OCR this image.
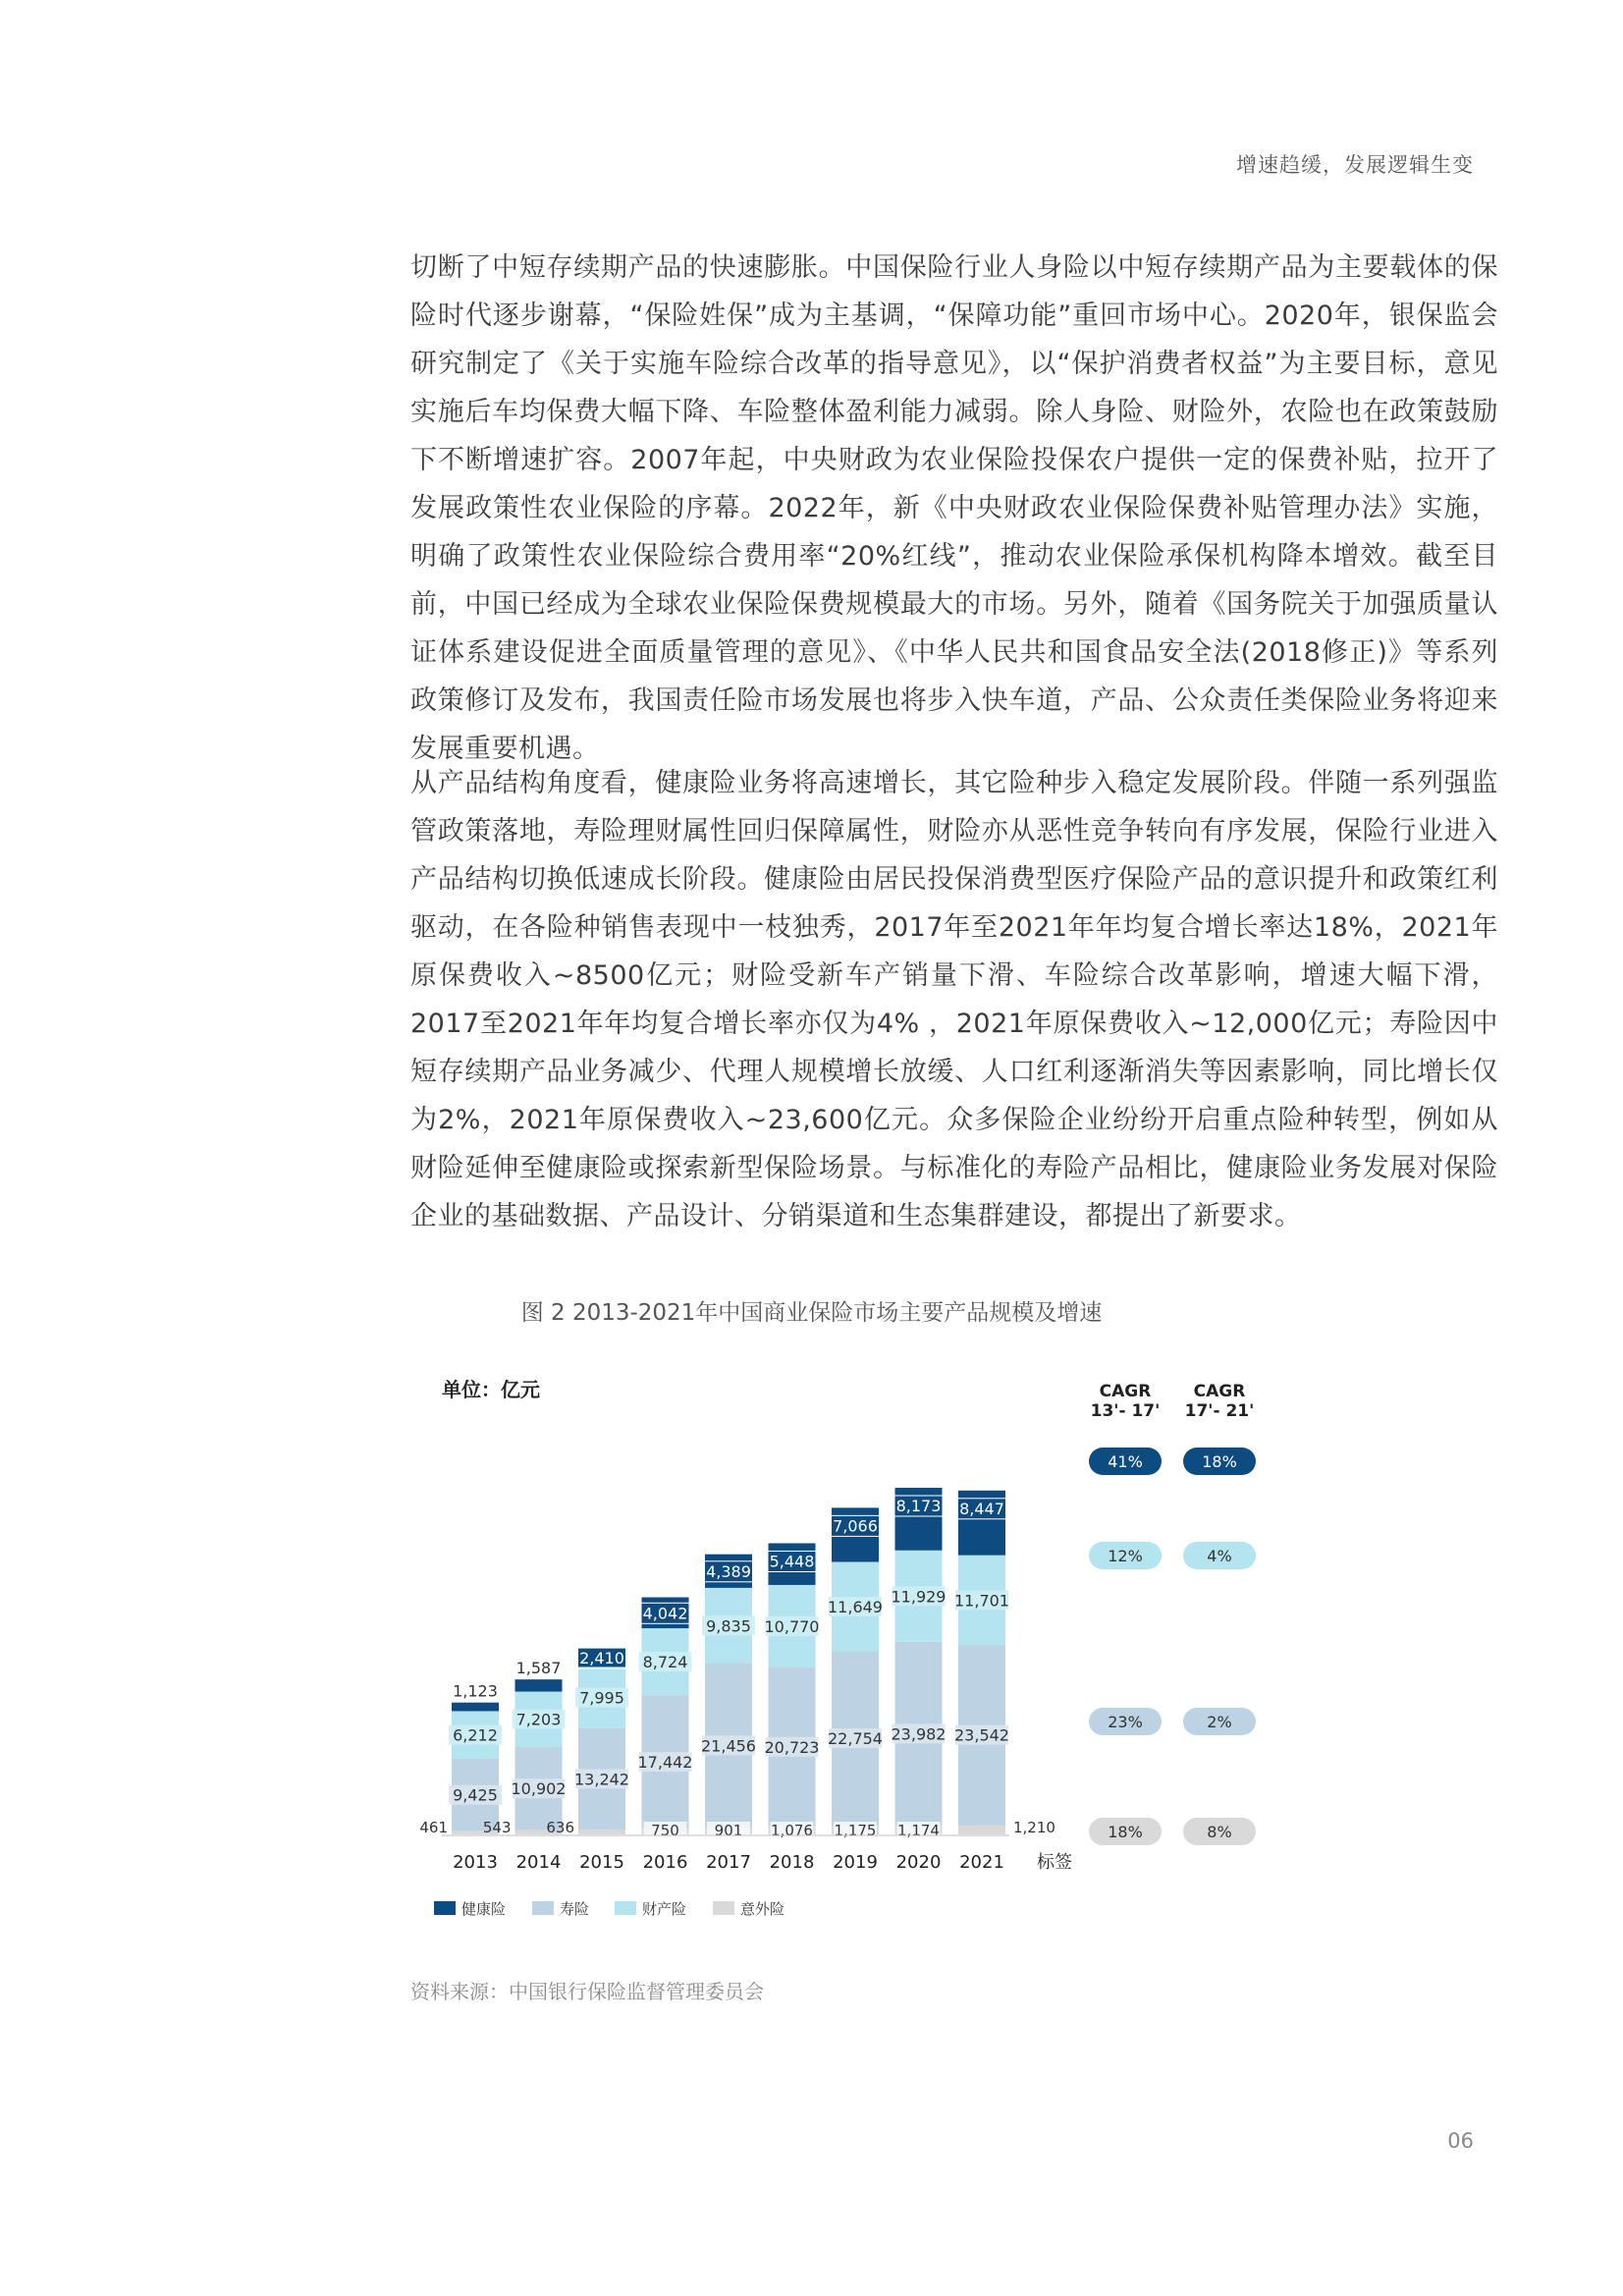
增速趋缓，发展逻辑生变

切断了中短存续期产品的快速膨胀。中国保险行业人身险以中短存续期产品为主要载体的保险时代逐步谢幕，“保险姓保”成为主基调，“保障功能”重回市场中心。2020年，银保监会研究制定了《关于实施车险综合改革的指导意见》，以“保护消费者权益”为主要目标，意见实施后车均保费大幅下降、车险整体盈利能力减弱。除人身险、财险外，农险也在政策鼓励下不断增速扩容。2007年起，中央财政为农业保险投保农户提供一定的保费补贴，拉开了发展政策性农业保险的序幕。2022年，新《中央财政农业保险保费补贴管理办法》实施，明确了政策性农业保险综合费用率“20%红线”，推动农业保险承保机构降本增效。截至目前，中国已经成为全球农业保险保费规模最大的市场。另外，随着《国务院关于加强质量认证体系建设促进全面质量管理的意见》、《中华人民共和国食品安全法(2018修正)》等系列政策修订及发布，我国责任险市场发展也将步入快车道，产品、公众责任类保险业务将迎来发展重要机遇。

从产品结构角度看，健康险业务将高速增长，其它险种步入稳定发展阶段。伴随一系列强监管政策落地，寿险理财属性回归保障属性，财险亦从恶性竞争转向有序发展，保险行业进入产品结构切换低速成长阶段。健康险由居民投保消费型医疗保险产品的意识提升和政策红利驱动，在各险种销售表现中一枝独秀，2017年至2021年年均复合增长率达18%，2021年原保费收入~8500亿元；财险受新车产销量下滑、车险综合改革影响，增速大幅下滑，2017至2021年年均复合增长率亦仅为4% ，2021年原保费收入~12,000亿元；寿险因中短存续期产品业务减少、代理人规模增长放缓、人口红利逐渐消失等因素影响，同比增长仅为2%，2021年原保费收入~23,600亿元。众多保险企业纷纷开启重点险种转型，例如从财险延伸至健康险或探索新型保险场景。与标准化的寿险产品相比，健康险业务发展对保险企业的基础数据、产品设计、分销渠道和生态集群建设，都提出了新要求。

图 2 2013-2021年中国商业保险市场主要产品规模及增速
单位：亿元
461
9,425
6,212
1,123
2013
543
10,902
7,203
1,587
2014
636
13,242
7,995
2,410
2015
750
17,442
8,724
4,042
2016
901
21,456
9,835
4,389
2017
1,076
20,723
10,770
5,448
2018
1,175
22,754
11,649
7,066
2019
1,174
23,982
11,929
8,173
2020
1,210
23,542
11,701
8,447
2021 标签
CAGR
13'- 17'
CAGR
17'- 21'
41%	18%
12%	4%
23%	2%
18%	8%
健康险	寿险	财产险	意外险
资料来源：中国银行保险监督管理委员会
06
